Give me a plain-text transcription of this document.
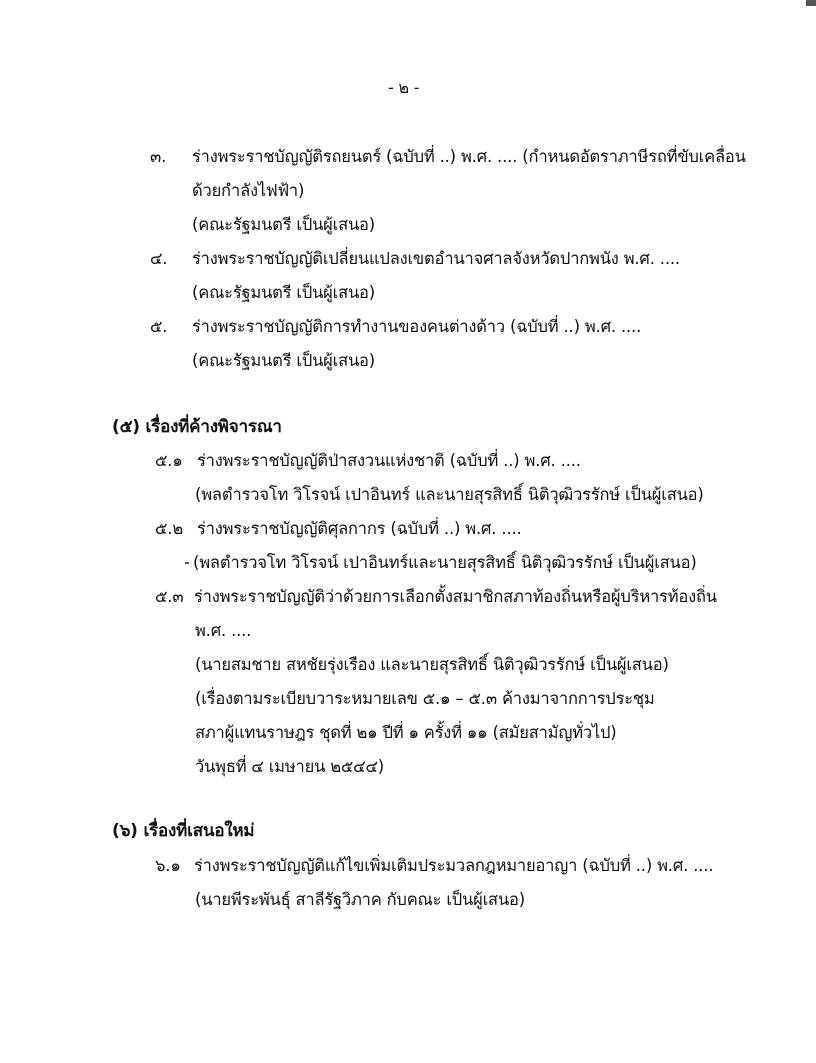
- ๒ -

๓. ร่างพระราชบัญญัติรถยนตร์ (ฉบับที่ ..) พ.ศ. .... (กำหนดอัตราภาษีรถที่ขับเคลื่อน

ด้วยกำลังไฟฟ้า)

(คณะรัฐมนตรี เป็นผู้เสนอ)

๔. ร่างพระราชบัญญัติเปลี่ยนแปลงเขตอำนาจศาลจังหวัดปากพนัง พ.ศ. ....

(คณะรัฐมนตรี เป็นผู้เสนอ)

๕. ร่างพระราชบัญญัติการทำงานของคนต่างด้าว (ฉบับที่ ..) พ.ศ. ....

(คณะรัฐมนตรี เป็นผู้เสนอ)

(๕) เรื่องที่ค้างพิจารณา

๕.๑ ร่างพระราชบัญญัติป่าสงวนแห่งชาติ (ฉบับที่ ..) พ.ศ. ....

(พลตำรวจโท วิโรจน์ เปาอินทร์ และนายสุรสิทธิ์ นิติวุฒิวรรักษ์ เป็นผู้เสนอ)

๕.๒ ร่างพระราชบัญญัติศุลกากร (ฉบับที่ ..) พ.ศ. ....

(พลตำรวจโท วิโรจน์ เปาอินทร์และนายสุรสิทธิ์ นิติวุฒิวรรักษ์ เป็นผู้เสนอ)

๕.๓ ร่างพระราชบัญญัติว่าด้วยการเลือกตั้งสมาชิกสภาท้องถิ่นหรือผู้บริหารท้องถิ่น

พ.ศ. ....

(นายสมชาย สหชัยรุ่งเรือง และนายสุรสิทธิ์ นิติวุฒิวรรักษ์ เป็นผู้เสนอ)

(เรื่องตามระเบียบวาระหมายเลข ๕.๑ – ๕.๓ ค้างมาจากการประชุม

สภาผู้แทนราษฎร ชุดที่ ๒๑ ปีที่ ๑ ครั้งที่ ๑๑ (สมัยสามัญทั่วไป)

วันพุธที่ ๔ เมษายน ๒๕๔๔)

(๖) เรื่องที่เสนอใหม่

๖.๑ ร่างพระราชบัญญัติแก้ไขเพิ่มเติมประมวลกฎหมายอาญา (ฉบับที่ ..) พ.ศ. ....

(นายพีระพันธุ์ สาลีรัฐวิภาค กับคณะ เป็นผู้เสนอ)
